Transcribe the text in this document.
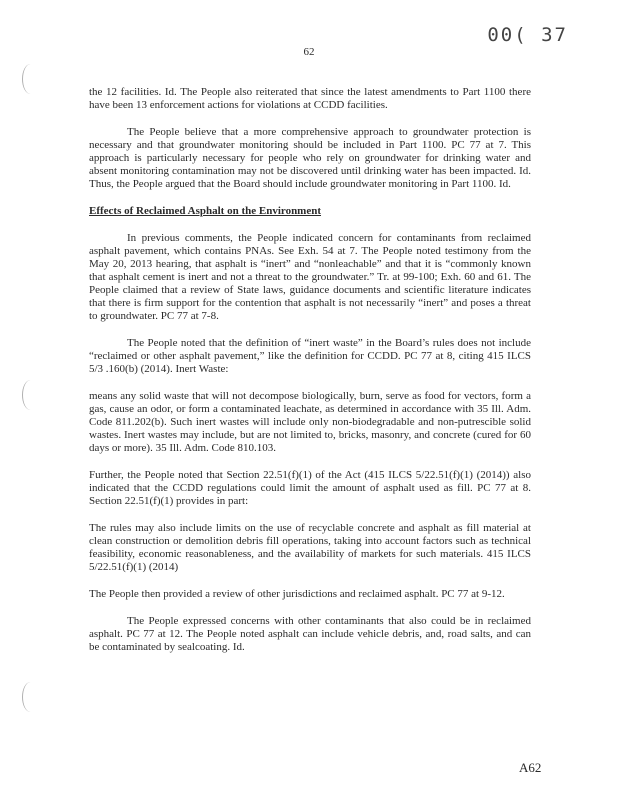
00( 37
62

the 12 facilities. Id. The People also reiterated that since the latest amendments to Part 1100 there have been 13 enforcement actions for violations at CCDD facilities.

The People believe that a more comprehensive approach to groundwater protection is necessary and that groundwater monitoring should be included in Part 1100. PC 77 at 7. This approach is particularly necessary for people who rely on groundwater for drinking water and absent monitoring contamination may not be discovered until drinking water has been impacted. Id. Thus, the People argued that the Board should include groundwater monitoring in Part 1100. Id.

Effects of Reclaimed Asphalt on the Environment

In previous comments, the People indicated concern for contaminants from reclaimed asphalt pavement, which contains PNAs. See Exh. 54 at 7. The People noted testimony from the May 20, 2013 hearing, that asphalt is “inert” and “nonleachable” and that it is “commonly known that asphalt cement is inert and not a threat to the groundwater.” Tr. at 99-100; Exh. 60 and 61. The People claimed that a review of State laws, guidance documents and scientific literature indicates that there is firm support for the contention that asphalt is not necessarily “inert” and poses a threat to groundwater. PC 77 at 7-8.

The People noted that the definition of “inert waste” in the Board’s rules does not include “reclaimed or other asphalt pavement,” like the definition for CCDD. PC 77 at 8, citing 415 ILCS 5/3 .160(b) (2014). Inert Waste:

means any solid waste that will not decompose biologically, burn, serve as food for vectors, form a gas, cause an odor, or form a contaminated leachate, as determined in accordance with 35 Ill. Adm. Code 811.202(b). Such inert wastes will include only non-biodegradable and non-putrescible solid wastes. Inert wastes may include, but are not limited to, bricks, masonry, and concrete (cured for 60 days or more). 35 Ill. Adm. Code 810.103.

Further, the People noted that Section 22.51(f)(1) of the Act (415 ILCS 5/22.51(f)(1) (2014)) also indicated that the CCDD regulations could limit the amount of asphalt used as fill. PC 77 at 8. Section 22.51(f)(1) provides in part:

The rules may also include limits on the use of recyclable concrete and asphalt as fill material at clean construction or demolition debris fill operations, taking into account factors such as technical feasibility, economic reasonableness, and the availability of markets for such materials. 415 ILCS 5/22.51(f)(1) (2014)

The People then provided a review of other jurisdictions and reclaimed asphalt. PC 77 at 9-12.

The People expressed concerns with other contaminants that also could be in reclaimed asphalt. PC 77 at 12. The People noted asphalt can include vehicle debris, and, road salts, and can be contaminated by sealcoating. Id.

A62
